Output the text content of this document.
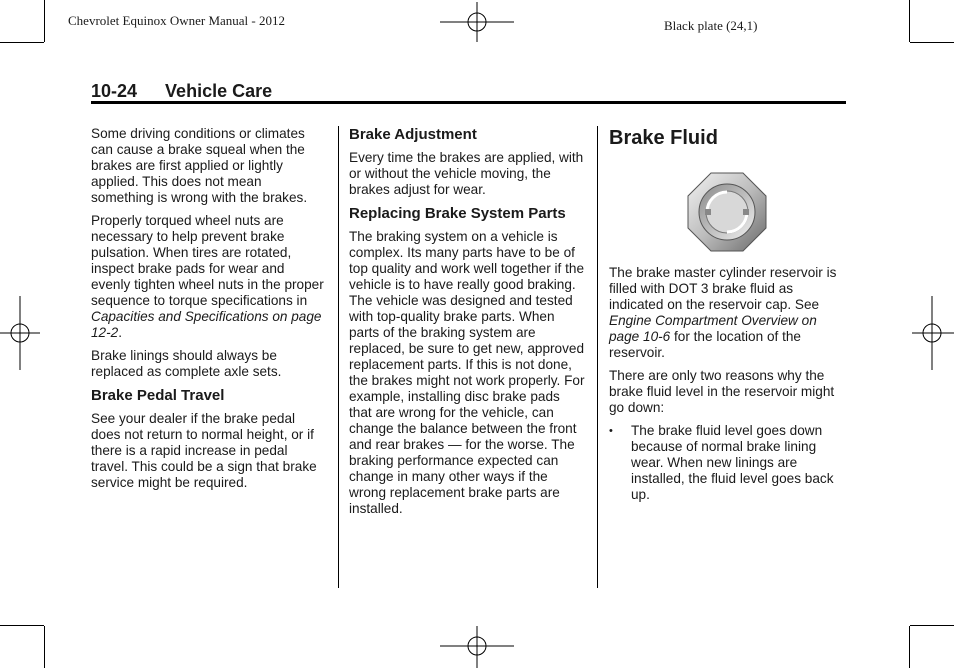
Chevrolet Equinox Owner Manual - 2012	Black plate (24,1)
10-24 Vehicle Care

Some driving conditions or climates can cause a brake squeal when the brakes are first applied or lightly applied. This does not mean something is wrong with the brakes.

Properly torqued wheel nuts are necessary to help prevent brake pulsation. When tires are rotated, inspect brake pads for wear and evenly tighten wheel nuts in the proper sequence to torque specifications in Capacities and Specifications on page 12-2.

Brake linings should always be replaced as complete axle sets.

Brake Pedal Travel

See your dealer if the brake pedal does not return to normal height, or if there is a rapid increase in pedal travel. This could be a sign that brake service might be required.

Brake Adjustment

Every time the brakes are applied, with or without the vehicle moving, the brakes adjust for wear.

Replacing Brake System Parts

The braking system on a vehicle is complex. Its many parts have to be of top quality and work well together if the vehicle is to have really good braking. The vehicle was designed and tested with top-quality brake parts. When parts of the braking system are replaced, be sure to get new, approved replacement parts. If this is not done, the brakes might not work properly. For example, installing disc brake pads that are wrong for the vehicle, can change the balance between the front and rear brakes — for the worse. The braking performance expected can change in many other ways if the wrong replacement brake parts are installed.

Brake Fluid

The brake master cylinder reservoir is filled with DOT 3 brake fluid as indicated on the reservoir cap. See Engine Compartment Overview on page 10-6 for the location of the reservoir.

There are only two reasons why the brake fluid level in the reservoir might go down:

•	The brake fluid level goes down because of normal brake lining wear. When new linings are installed, the fluid level goes back up.
